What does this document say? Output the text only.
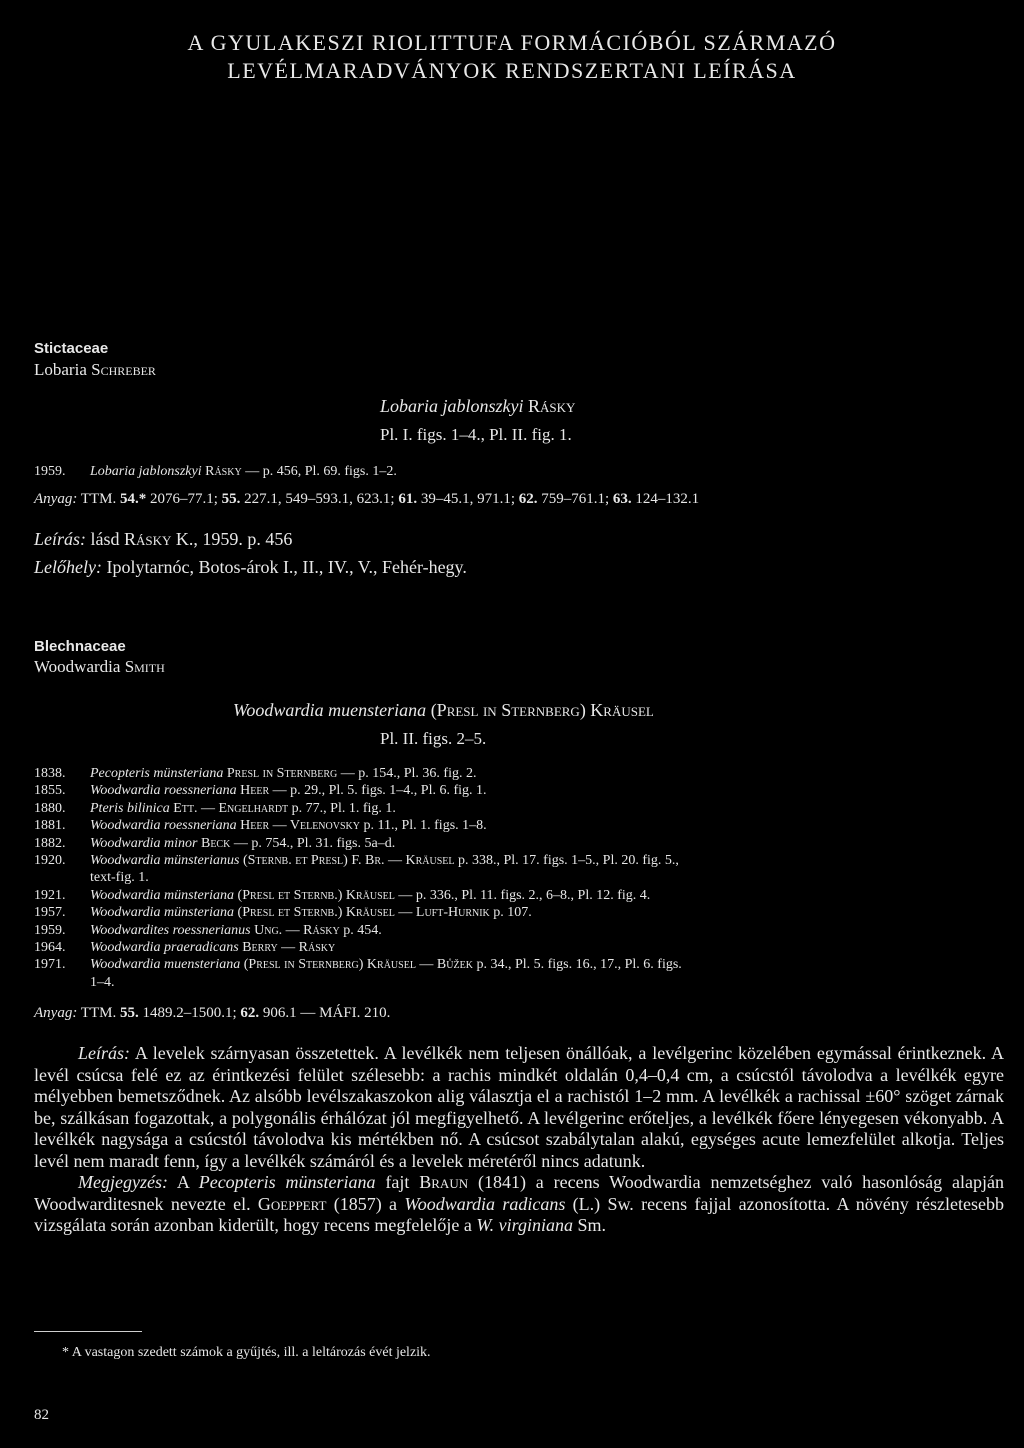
A GYULAKESZI RIOLITTUFA FORMÁCIÓBÓL SZÁRMAZÓ
LEVÉLMARADVÁNYOK RENDSZERTANI LEÍRÁSA
Stictaceae
Lobaria Schreber
Lobaria jablonszkyi Rásky
Pl. I. figs. 1–4., Pl. II. fig. 1.
1959. Lobaria jablonszkyi Rásky — p. 456, Pl. 69. figs. 1–2.
Anyag: TTM. 54.* 2076–77.1; 55. 227.1, 549–593.1, 623.1; 61. 39–45.1, 971.1; 62. 759–761.1; 63. 124–132.1
Leírás: lásd Rásky K., 1959. p. 456
Lelőhely: Ipolytarnóc, Botos-árok I., II., IV., V., Fehér-hegy.
Blechnaceae
Woodwardia Smith
Woodwardia muensteriana (Presl in Sternberg) Kräusel
Pl. II. figs. 2–5.
1838. Pecopteris münsteriana Presl in Sternberg — p. 154., Pl. 36. fig. 2.
1855. Woodwardia roessneriana Heer — p. 29., Pl. 5. figs. 1–4., Pl. 6. fig. 1.
1880. Pteris bilinica Ett. — Engelhardt p. 77., Pl. 1. fig. 1.
1881. Woodwardia roessneriana Heer — Velenovsky p. 11., Pl. 1. figs. 1–8.
1882. Woodwardia minor Beck — p. 754., Pl. 31. figs. 5a–d.
1920. Woodwardia münsterianus (Sternb. et Presl) F. Br. — Kräusel p. 338., Pl. 17. figs. 1–5., Pl. 20. fig. 5.,
text-fig. 1.
1921. Woodwardia münsteriana (Presl et Sternb.) Kräusel — p. 336., Pl. 11. figs. 2., 6–8., Pl. 12. fig. 4.
1957. Woodwardia münsteriana (Presl et Sternb.) Kräusel — Luft-Hurnik p. 107.
1959. Woodwardites roessnerianus Ung. — Rásky p. 454.
1964. Woodwardia praeradicans Berry — Rásky
1971. Woodwardia muensteriana (Presl in Sternberg) Kräusel — Bůžek p. 34., Pl. 5. figs. 16., 17., Pl. 6. figs.
1–4.
Anyag: TTM. 55. 1489.2–1500.1; 62. 906.1 — MÁFI. 210.

Leírás: A levelek szárnyasan összetettek. A levélkék nem teljesen önállóak, a levélgerinc közelében egymással érintkeznek. A levél csúcsa felé ez az érintkezési felület szélesebb: a rachis mindkét oldalán 0,4–0,4 cm, a csúcstól távolodva a levélkék egyre mélyebben bemetsződnek. Az alsóbb levélszakaszokon alig választja el a rachistól 1–2 mm. A levélkék a rachissal ±60° szöget zárnak be, szálkásan fogazottak, a polygonális érhálózat jól megfigyelhető. A levélgerinc erőteljes, a levélkék főere lényegesen vékonyabb. A levélkék nagysága a csúcstól távolodva kis mértékben nő. A csúcsot szabálytalan alakú, egységes acute lemezfelület alkotja. Teljes levél nem maradt fenn, így a levélkék számáról és a levelek méretéről nincs adatunk.

Megjegyzés: A Pecopteris münsteriana fajt Braun (1841) a recens Woodwardia nemzetséghez való hasonlóság alapján Woodwarditesnek nevezte el. Goeppert (1857) a Woodwardia radicans (L.) Sw. recens fajjal azonosította. A növény részletesebb vizsgálata során azonban kiderült, hogy recens megfelelője a W. virginiana Sm.

* A vastagon szedett számok a gyűjtés, ill. a leltározás évét jelzik.
82
